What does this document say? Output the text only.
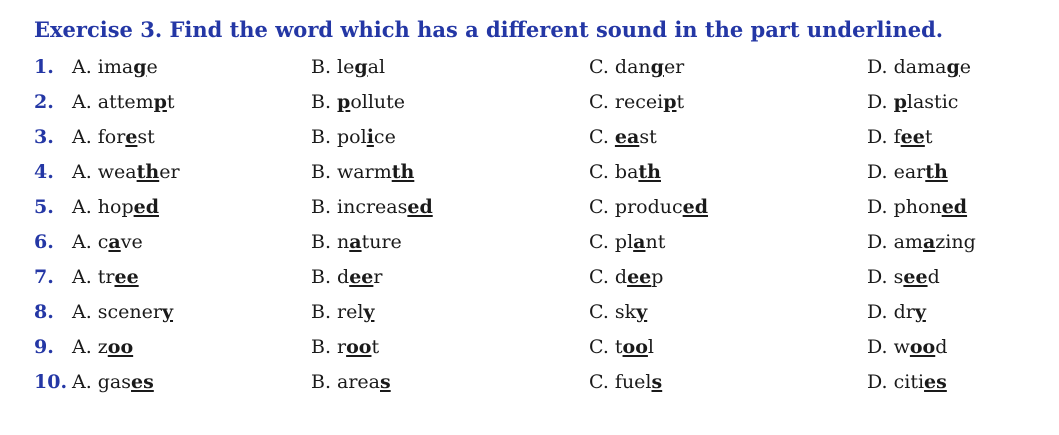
Exercise 3. Find the word which has a different sound in the part underlined.
1. A. image	B. legal	C. danger	D. damage
2. A. attempt	B. pollute	C. receipt	D. plastic
3. A. forest	B. police	C. east	D. feet
4. A. weather	B. warmth	C. bath	D. earth
5. A. hoped	B. increased	C. produced	D. phoned
6. A. cave	B. nature	C. plant	D. amazing
7. A. tree	B. deer	C. deep	D. seed
8. A. scenery	B. rely	C. sky	D. dry
9. A. zoo	B. root	C. tool	D. wood
10. A. gases	B. areas	C. fuels	D. cities
